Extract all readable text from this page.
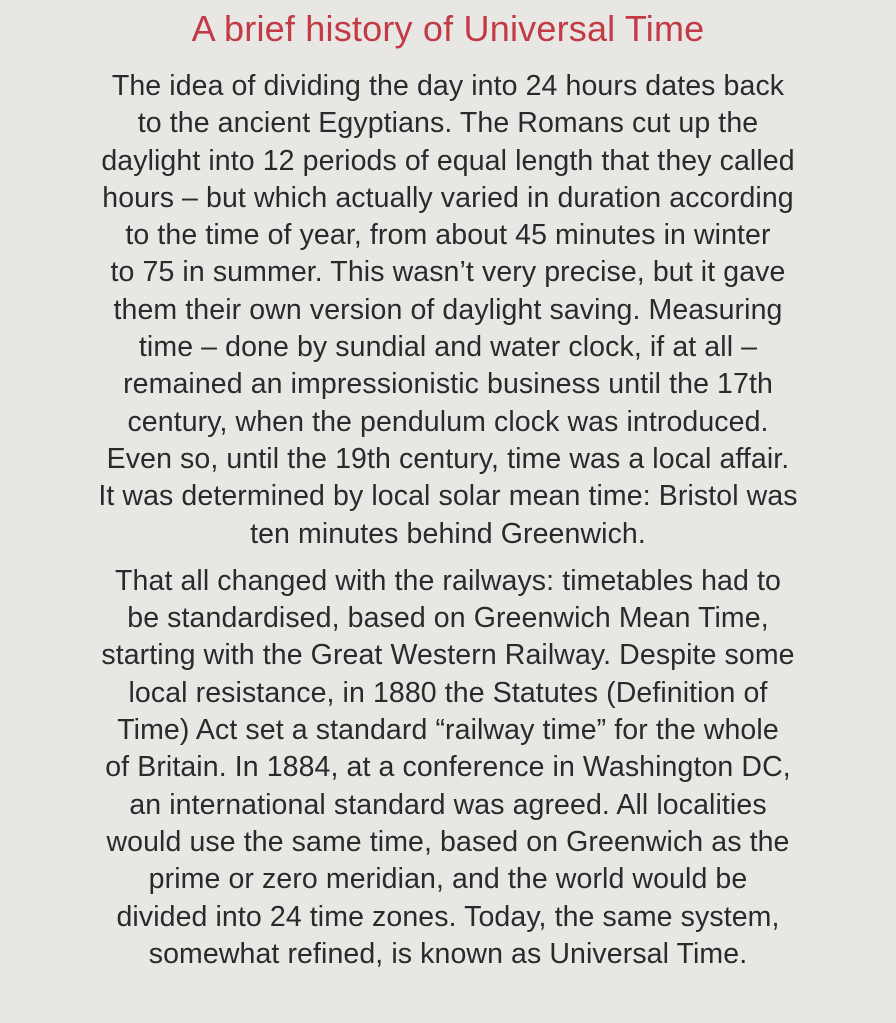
A brief history of Universal Time

The idea of dividing the day into 24 hours dates back
to the ancient Egyptians. The Romans cut up the
daylight into 12 periods of equal length that they called
hours – but which actually varied in duration according
to the time of year, from about 45 minutes in winter
to 75 in summer. This wasn’t very precise, but it gave
them their own version of daylight saving. Measuring
time – done by sundial and water clock, if at all –
remained an impressionistic business until the 17th
century, when the pendulum clock was introduced.
Even so, until the 19th century, time was a local affair.
It was determined by local solar mean time: Bristol was
ten minutes behind Greenwich.

That all changed with the railways: timetables had to
be standardised, based on Greenwich Mean Time,
starting with the Great Western Railway. Despite some
local resistance, in 1880 the Statutes (Definition of
Time) Act set a standard “railway time” for the whole
of Britain. In 1884, at a conference in Washington DC,
an international standard was agreed. All localities
would use the same time, based on Greenwich as the
prime or zero meridian, and the world would be
divided into 24 time zones. Today, the same system,
somewhat refined, is known as Universal Time.
